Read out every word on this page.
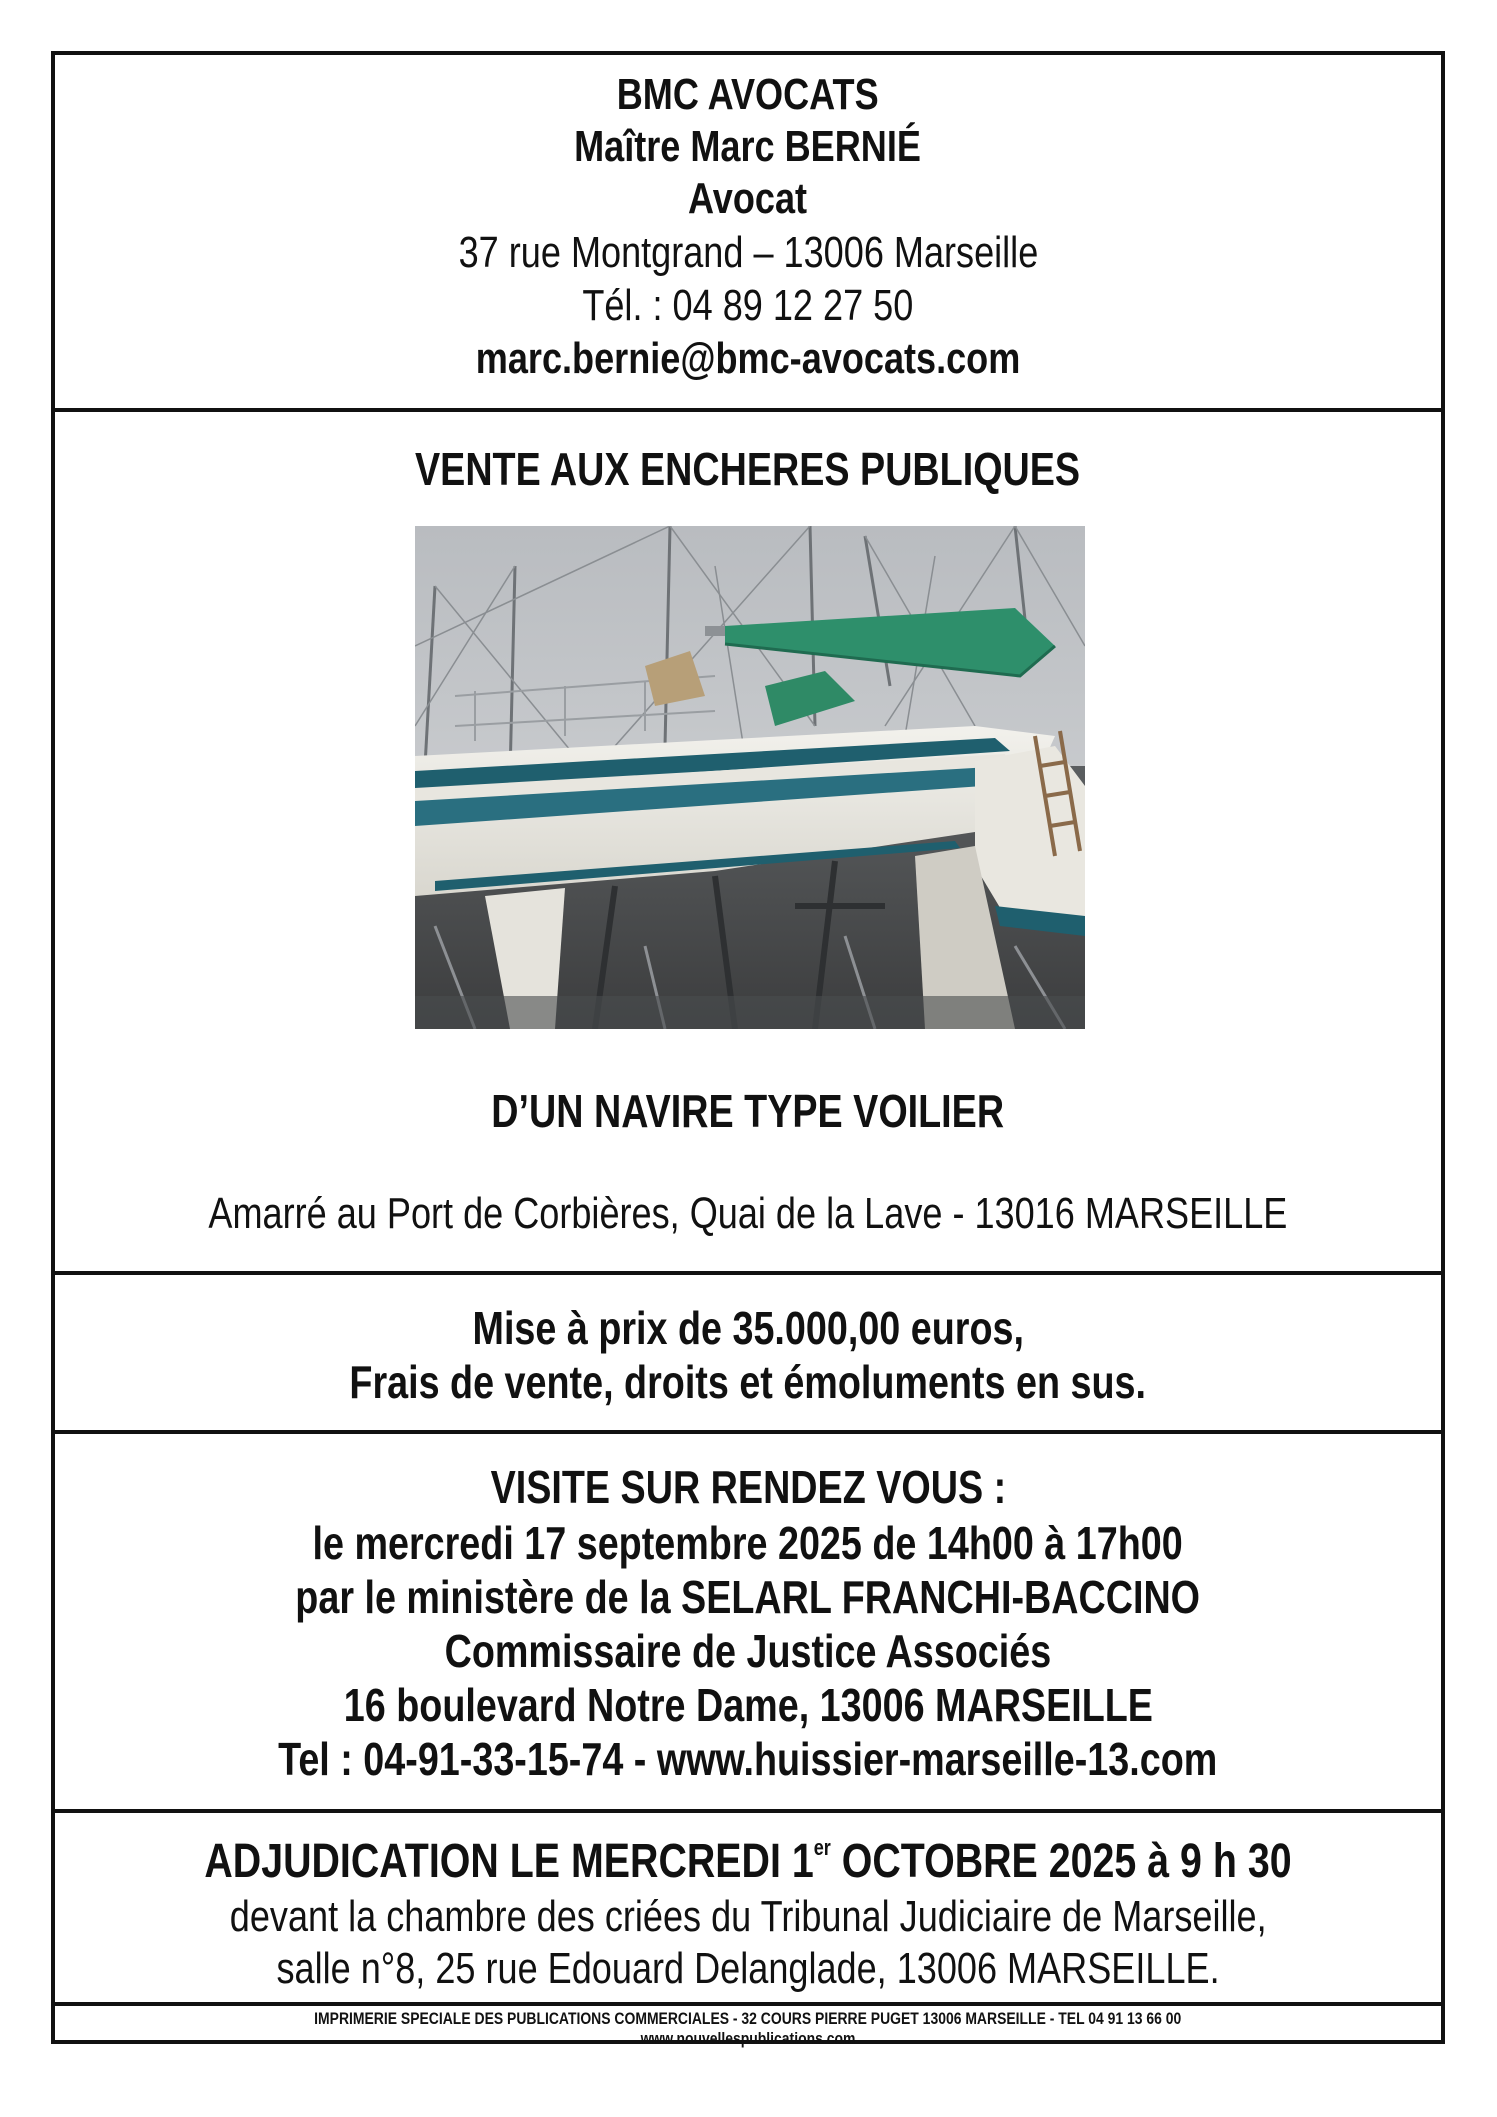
BMC AVOCATS
Maître Marc BERNIÉ
Avocat
37 rue Montgrand – 13006 Marseille
Tél. : 04 89 12 27 50
marc.bernie@bmc-avocats.com
VENTE AUX ENCHERES PUBLIQUES
D’UN NAVIRE TYPE VOILIER
Amarré au Port de Corbières, Quai de la Lave - 13016 MARSEILLE
Mise à prix de 35.000,00 euros,
Frais de vente, droits et émoluments en sus.
VISITE SUR RENDEZ VOUS :
le mercredi 17 septembre 2025 de 14h00 à 17h00
par le ministère de la SELARL FRANCHI-BACCINO
Commissaire de Justice Associés
16 boulevard Notre Dame, 13006 MARSEILLE
Tel : 04-91-33-15-74 - www.huissier-marseille-13.com
ADJUDICATION LE MERCREDI 1er OCTOBRE 2025 à 9 h 30
devant la chambre des criées du Tribunal Judiciaire de Marseille,
salle n°8, 25 rue Edouard Delanglade, 13006 MARSEILLE.
IMPRIMERIE SPECIALE DES PUBLICATIONS COMMERCIALES - 32 COURS PIERRE PUGET 13006 MARSEILLE - TEL 04 91 13 66 00
www.nouvellespublications.com
